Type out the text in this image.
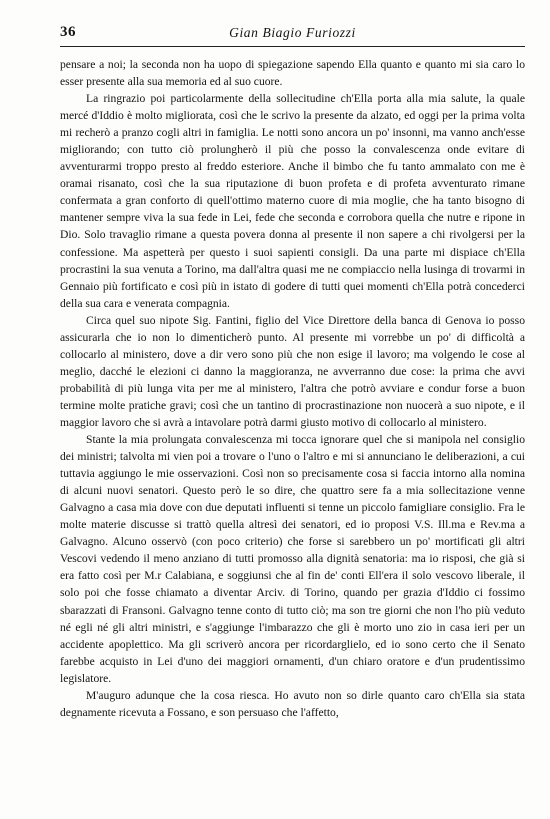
36	Gian Biagio Furiozzi

pensare a noi; la seconda non ha uopo di spiegazione sapendo Ella quanto e quanto mi sia caro lo esser presente alla sua memoria ed al suo cuore.

La ringrazio poi particolarmente della sollecitudine ch'Ella porta alla mia salute, la quale mercé d'Iddio è molto migliorata, così che le scrivo la presente da alzato, ed oggi per la prima volta mi recherò a pranzo cogli altri in famiglia. Le notti sono ancora un po' insonni, ma vanno anch'esse migliorando; con tutto ciò prolungherò il più che posso la convalescenza onde evitare di avventurarmi troppo presto al freddo esteriore. Anche il bimbo che fu tanto ammalato con me è oramai risanato, così che la sua riputazione di buon profeta e di profeta avventurato rimane confermata a gran conforto di quell'ottimo materno cuore di mia moglie, che ha tanto bisogno di mantener sempre viva la sua fede in Lei, fede che seconda e corrobora quella che nutre e ripone in Dio. Solo travaglio rimane a questa povera donna al presente il non sapere a chi rivolgersi per la confessione. Ma aspetterà per questo i suoi sapienti consigli. Da una parte mi dispiace ch'Ella procrastini la sua venuta a Torino, ma dall'altra quasi me ne compiaccio nella lusinga di trovarmi in Gennaio più fortificato e così più in istato di godere di tutti quei momenti ch'Ella potrà concederci della sua cara e venerata compagnia.

Circa quel suo nipote Sig. Fantini, figlio del Vice Direttore della banca di Genova io posso assicurarla che io non lo dimenticherò punto. Al presente mi vorrebbe un po' di difficoltà a collocarlo al ministero, dove a dir vero sono più che non esige il lavoro; ma volgendo le cose al meglio, dacché le elezioni ci danno la maggioranza, ne avverranno due cose: la prima che avvi probabilità di più lunga vita per me al ministero, l'altra che potrò avviare e condur forse a buon termine molte pratiche gravi; così che un tantino di procrastinazione non nuocerà a suo nipote, e il maggior lavoro che si avrà a intavolare potrà darmi giusto motivo di collocarlo al ministero.

Stante la mia prolungata convalescenza mi tocca ignorare quel che si manipola nel consiglio dei ministri; talvolta mi vien poi a trovare o l'uno o l'altro e mi si annunciano le deliberazioni, a cui tuttavia aggiungo le mie osservazioni. Così non so precisamente cosa si faccia intorno alla nomina di alcuni nuovi senatori. Questo però le so dire, che quattro sere fa a mia sollecitazione venne Galvagno a casa mia dove con due deputati influenti si tenne un piccolo famigliare consiglio. Fra le molte materie discusse si trattò quella altresì dei senatori, ed io proposi V.S. Ill.ma e Rev.ma a Galvagno. Alcuno osservò (con poco criterio) che forse si sarebbero un po' mortificati gli altri Vescovi vedendo il meno anziano di tutti promosso alla dignità senatoria: ma io risposi, che già si era fatto così per M.r Calabiana, e soggiunsi che al fin de' conti Ell'era il solo vescovo liberale, il solo poi che fosse chiamato a diventar Arciv. di Torino, quando per grazia d'Iddio ci fossimo sbarazzati di Fransoni. Galvagno tenne conto di tutto ciò; ma son tre giorni che non l'ho più veduto né egli né gli altri ministri, e s'aggiunge l'imbarazzo che gli è morto uno zio in casa ieri per un accidente apoplettico. Ma gli scriverò ancora per ricordarglielo, ed io sono certo che il Senato farebbe acquisto in Lei d'uno dei maggiori ornamenti, d'un chiaro oratore e d'un prudentissimo legislatore.

M'auguro adunque che la cosa riesca. Ho avuto non so dirle quanto caro ch'Ella sia stata degnamente ricevuta a Fossano, e son persuaso che l'affetto,
